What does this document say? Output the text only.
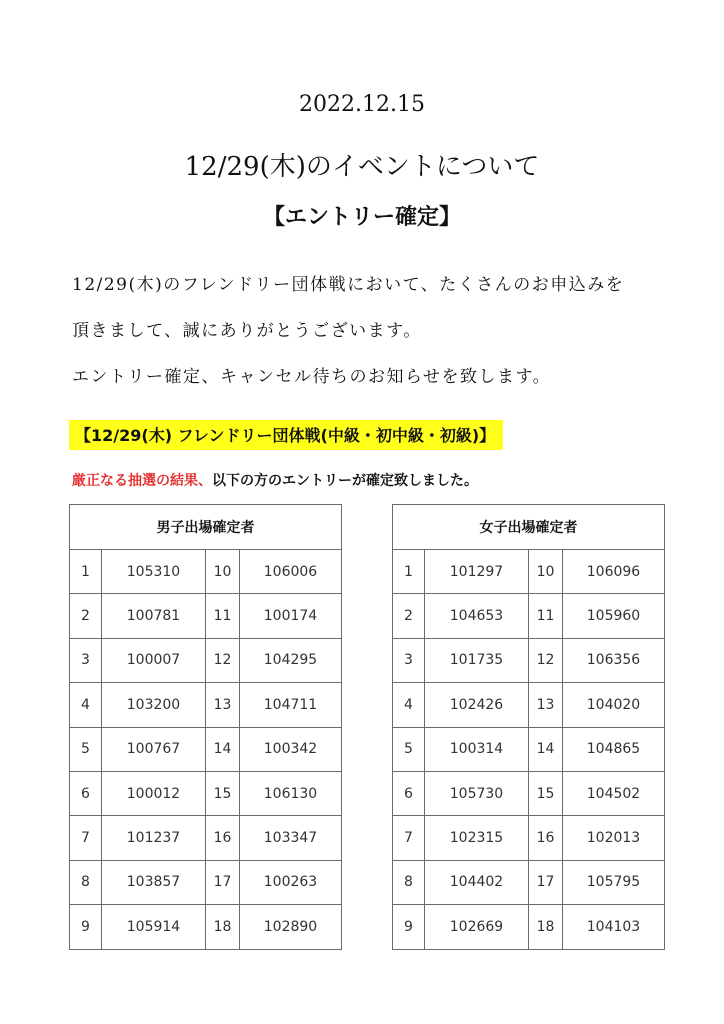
2022.12.15
12/29(木)のイベントについて
【エントリー確定】
12/29(木)のフレンドリー団体戦において、たくさんのお申込みを
頂きまして、誠にありがとうございます。
エントリー確定、キャンセル待ちのお知らせを致します。
【12/29(木) フレンドリー団体戦(中級・初中級・初級)】
厳正なる抽選の結果、以下の方のエントリーが確定致しました。
男子出場確定者			
1	105310	10	106006
2	100781	11	100174
3	100007	12	104295
4	103200	13	104711
5	100767	14	100342
6	100012	15	106130
7	101237	16	103347
8	103857	17	100263
9	105914	18	102890
女子出場確定者			
1	101297	10	106096
2	104653	11	105960
3	101735	12	106356
4	102426	13	104020
5	100314	14	104865
6	105730	15	104502
7	102315	16	102013
8	104402	17	105795
9	102669	18	104103
